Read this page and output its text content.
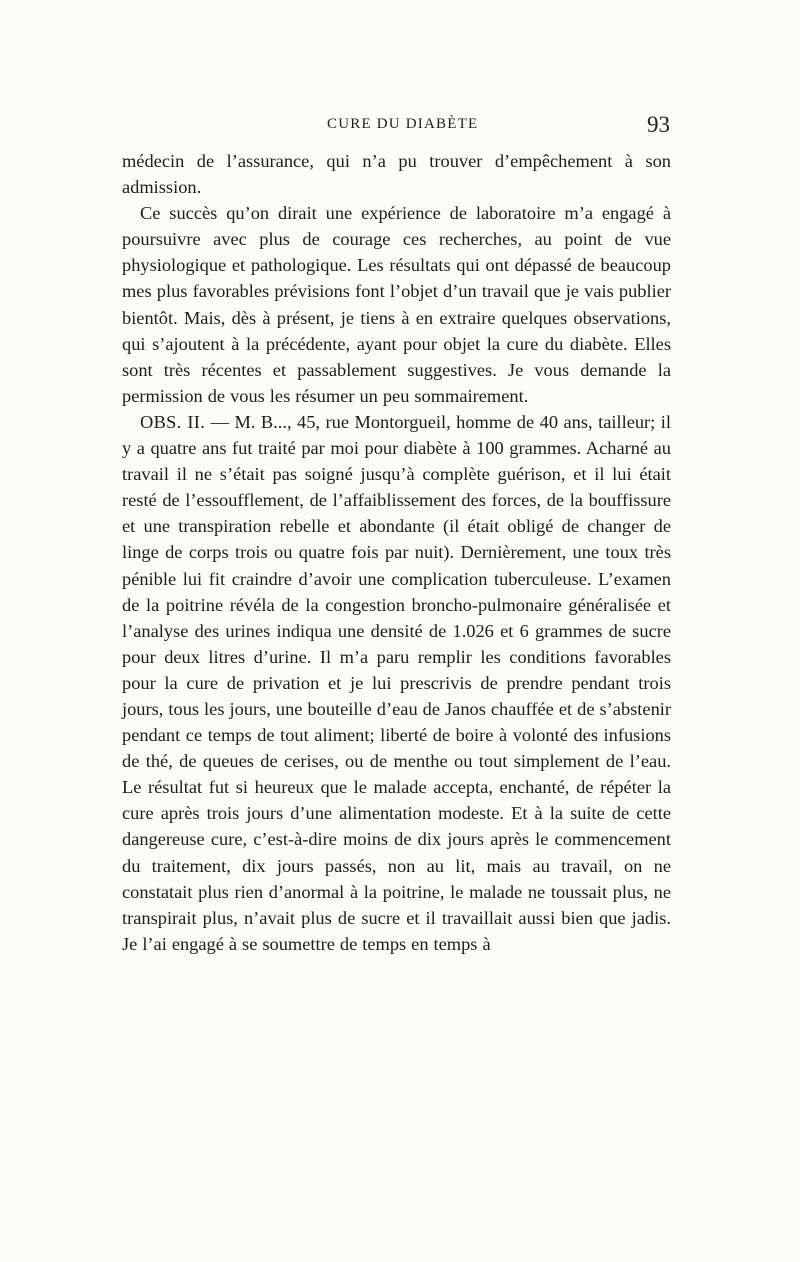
CURE DU DIABÈTE	93

médecin de l’assurance, qui n’a pu trouver d’empêchement à son admission.

Ce succès qu’on dirait une expérience de laboratoire m’a engagé à poursuivre avec plus de courage ces recherches, au point de vue physiologique et pathologique. Les résultats qui ont dépassé de beaucoup mes plus favorables prévisions font l’objet d’un travail que je vais publier bientôt. Mais, dès à présent, je tiens à en extraire quelques observations, qui s’ajoutent à la précédente, ayant pour objet la cure du diabète. Elles sont très récentes et passablement suggestives. Je vous demande la permission de vous les résumer un peu sommairement.

OBS. II. — M. B..., 45, rue Montorgueil, homme de 40 ans, tailleur; il y a quatre ans fut traité par moi pour diabète à 100 grammes. Acharné au travail il ne s’était pas soigné jusqu’à complète guérison, et il lui était resté de l’essoufflement, de l’affaiblissement des forces, de la bouffissure et une transpiration rebelle et abondante (il était obligé de changer de linge de corps trois ou quatre fois par nuit). Dernièrement, une toux très pénible lui fit craindre d’avoir une complication tuberculeuse. L’examen de la poitrine révéla de la congestion broncho-pulmonaire généralisée et l’analyse des urines indiqua une densité de 1.026 et 6 grammes de sucre pour deux litres d’urine. Il m’a paru remplir les conditions favorables pour la cure de privation et je lui prescrivis de prendre pendant trois jours, tous les jours, une bouteille d’eau de Janos chauffée et de s’abstenir pendant ce temps de tout aliment; liberté de boire à volonté des infusions de thé, de queues de cerises, ou de menthe ou tout simplement de l’eau. Le résultat fut si heureux que le malade accepta, enchanté, de répéter la cure après trois jours d’une alimentation modeste. Et à la suite de cette dangereuse cure, c’est-à-dire moins de dix jours après le commencement du traitement, dix jours passés, non au lit, mais au travail, on ne constatait plus rien d’anormal à la poitrine, le malade ne toussait plus, ne transpirait plus, n’avait plus de sucre et il travaillait aussi bien que jadis. Je l’ai engagé à se soumettre de temps en temps à
